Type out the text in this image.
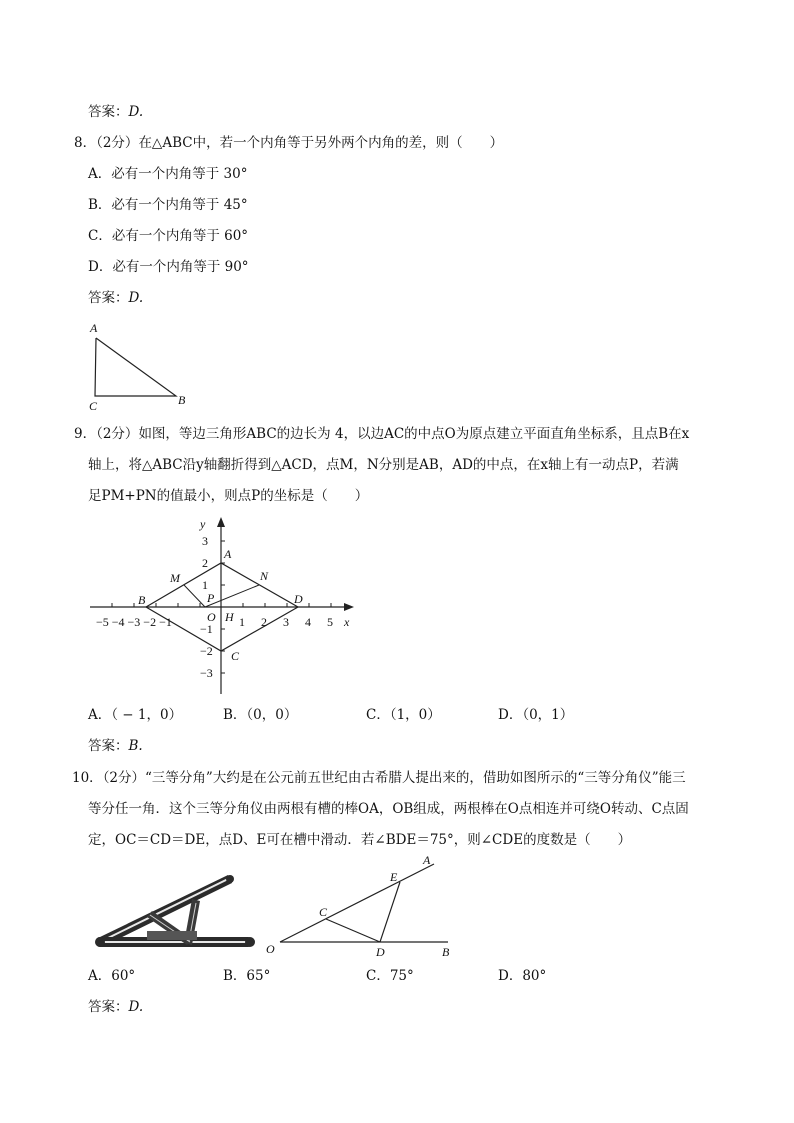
答案：D.
8．（2分）在△ABC中，若一个内角等于另外两个内角的差，则（　　）
A．必有一个内角等于 30°
B．必有一个内角等于 45°
C．必有一个内角等于 60°
D．必有一个内角等于 90°
答案：D.
A
B
C
9．（2分）如图，等边三角形ABC的边长为 4，以边AC的中点O为原点建立平面直角坐标系，且点B在x
轴上，将△ABC沿y轴翻折得到△ACD，点M，N分别是AB，AD的中点，在x轴上有一动点P，若满
足PM+PN的值最小，则点P的坐标是（　　）
A
B
C
D
M	N
P
O H	x
y
3
2
1
−1
−2
−3
−5 −4 −3 −2 −1	1 2 3 4 5
A．（ − 1，0）	B．（0，0）	C．（1，0）	D．（0，1）
答案：B.
10．（2分）“三等分角”大约是在公元前五世纪由古希腊人提出来的，借助如图所示的“三等分角仪”能三
等分任一角．这个三等分角仪由两根有槽的棒OA，OB组成，两根棒在O点相连并可绕O转动、C点固
定，OC＝CD＝DE，点D、E可在槽中滑动．若∠BDE＝75°，则∠CDE的度数是（　　）
O	B
D
C
E
A
A．60°	B．65°	C．75°	D．80°
答案：D.
